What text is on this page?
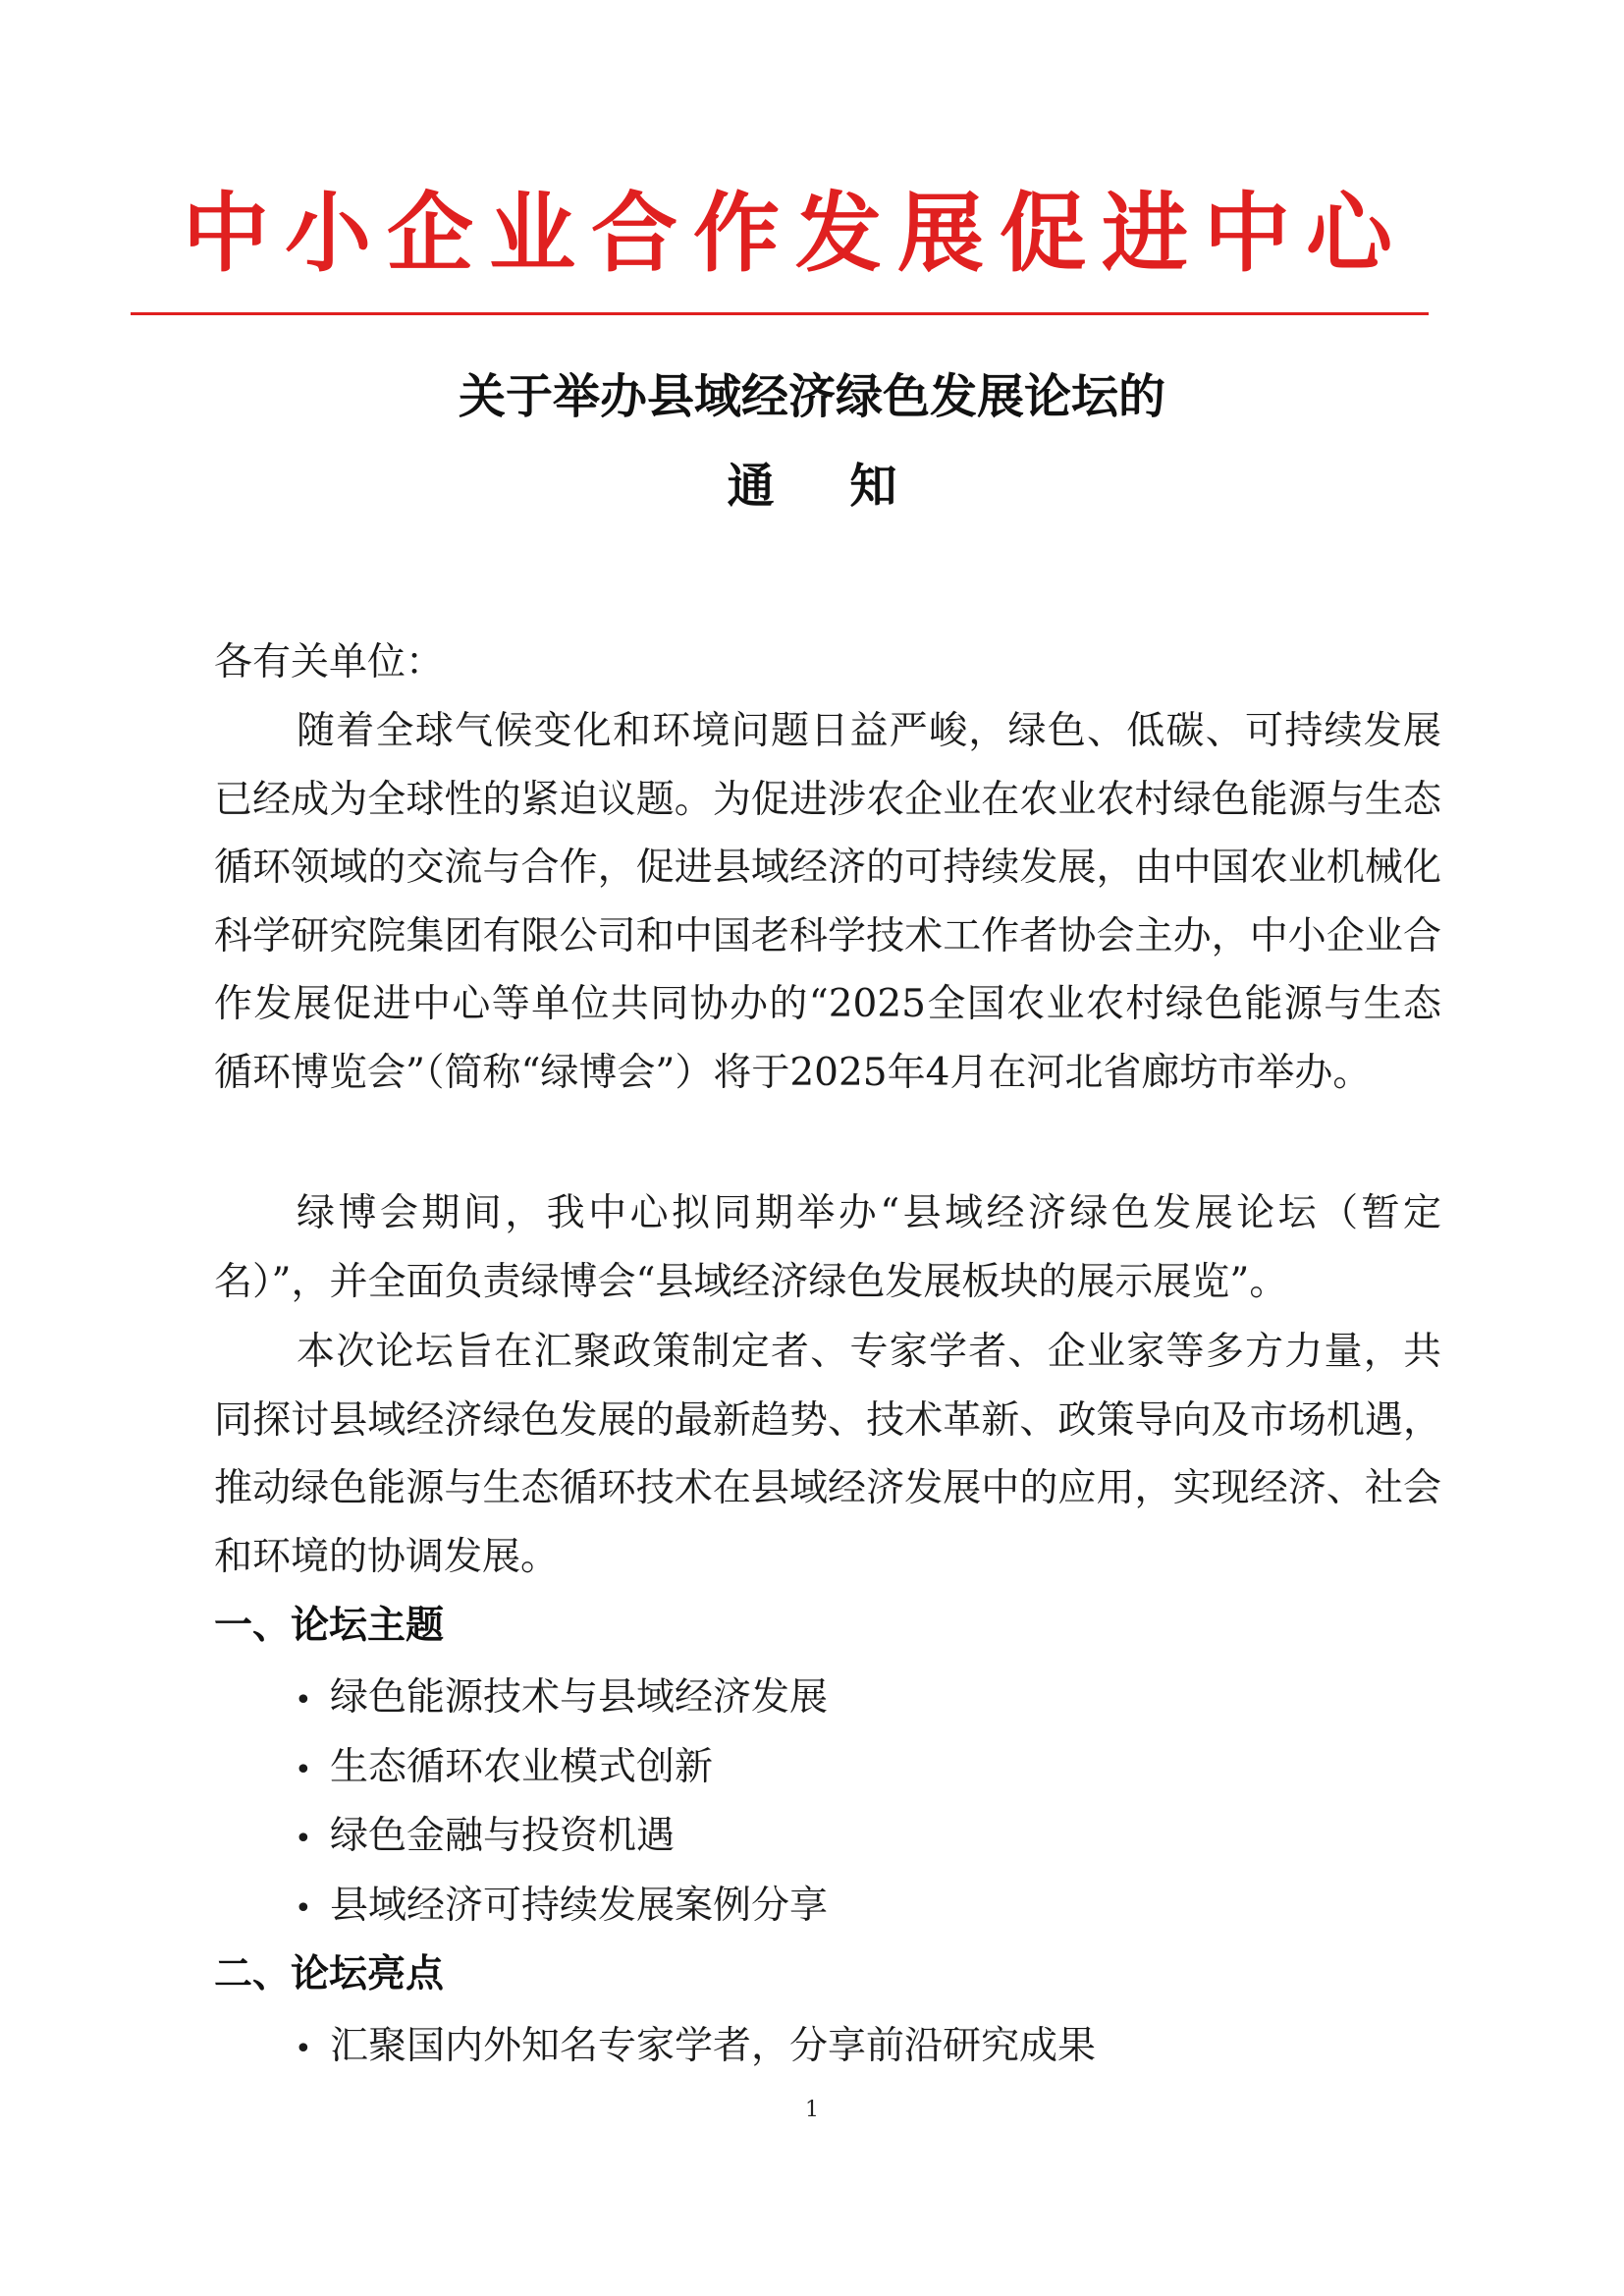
中小企业合作发展促进中心
关于举办县域经济绿色发展论坛的
通 知
各有关单位：
随着全球气候变化和环境问题日益严峻，绿色、低碳、可持续发展已经成为全球性的紧迫议题。为促进涉农企业在农业农村绿色能源与生态循环领域的交流与合作，促进县域经济的可持续发展，由中国农业机械化科学研究院集团有限公司和中国老科学技术工作者协会主办，中小企业合作发展促进中心等单位共同协办的“2025全国农业农村绿色能源与生态循环博览会”（简称“绿博会”）将于2025年4月在河北省廊坊市举办。
绿博会期间，我中心拟同期举办“县域经济绿色发展论坛（暂定名）”，并全面负责绿博会“县域经济绿色发展板块的展示展览”。
本次论坛旨在汇聚政策制定者、专家学者、企业家等多方力量，共同探讨县域经济绿色发展的最新趋势、技术革新、政策导向及市场机遇，推动绿色能源与生态循环技术在县域经济发展中的应用，实现经济、社会和环境的协调发展。
一、论坛主题
• 绿色能源技术与县域经济发展
• 生态循环农业模式创新
• 绿色金融与投资机遇
• 县域经济可持续发展案例分享
二、论坛亮点
• 汇聚国内外知名专家学者，分享前沿研究成果
1
